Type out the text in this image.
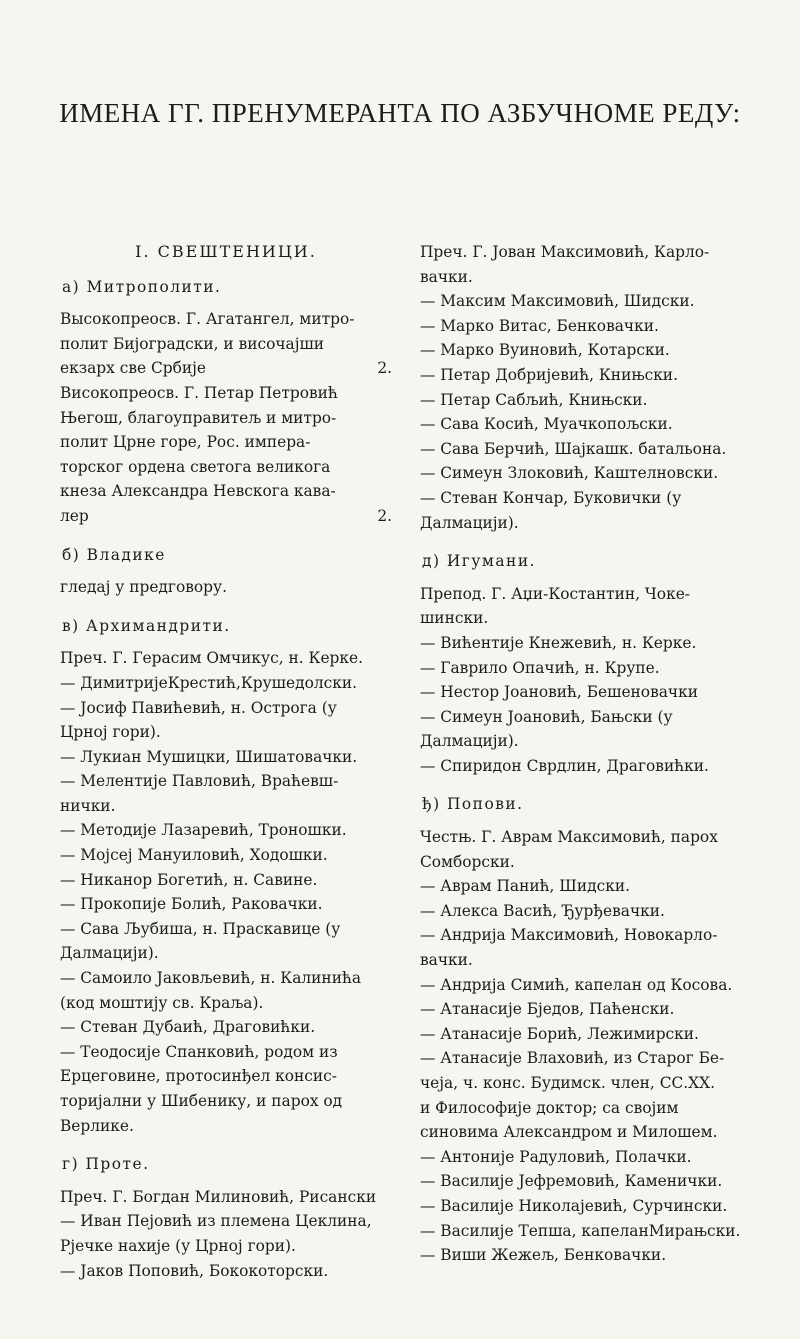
ИМЕНА ГГ. ПРЕНУМЕРАНТА ПО АЗБУЧНОМЕ РЕДУ:
I. СВЕШТЕНИЦИ.
а) Митрополити.
Высокопреосв. Г. Агатангел, митро-
полит Бијоградски, и височајши
екзарх све Србије	2.
Високопреосв. Г. Петар Петровић
Његош, благоуправитељ и митро-
полит Црне горе, Рос. импера-
торског ордена светога великога
кнеза Александра Невскога кава-
лер	2.
б) Владике
гледај у предговору.
в) Архимандрити.
Преч. Г. Герасим Омчикус, н. Керке.
— ДимитријеКрестић,Крушедолски.
— Јосиф Павићевић, н. Острога (у
Црној гори).
— Лукиан Мушицки, Шишатовачки.
— Мелентије Павловић, Враћевш-
нички.
— Методије Лазаревић, Троношки.
— Мојсеј Мануиловић, Ходошки.
— Никанор Богетић, н. Савине.
— Прокопије Болић, Раковачки.
— Сава Љубиша, н. Праскавице (у
Далмацији).
— Самоило Јаковљевић, н. Калинића
(код моштију св. Краља).
— Стеван Дубаић, Драговићки.
— Теодосије Спанковић, родом из
Ерцеговине, протосинђел консис-
торијални у Шибенику, и парох од
Верлике.
г) Проте.
Преч. Г. Богдан Милиновић, Рисански
— Иван Пејовић из племена Цеклина,
Рјечке нахије (у Црној гори).
— Јаков Поповић, Бококоторски.
Преч. Г. Јован Максимовић, Карло-
вачки.
— Максим Максимовић, Шидски.
— Марко Витас, Бенковачки.
— Марко Вуиновић, Котарски.
— Петар Добријевић, Книњски.
— Петар Сабљић, Книњски.
— Сава Косић, Муачкопољски.
— Сава Берчић, Шајкашк. батальона.
— Симеун Злоковић, Каштелновски.
— Стеван Кончар, Буковички (у
Далмацији).
д) Игумани.
Препод. Г. Аџи-Костантин, Чоке-
шински.
— Вићентије Кнежевић, н. Керке.
— Гаврило Опачић, н. Крупе.
— Нестор Јоановић, Бешеновачки
— Симеун Јоановић, Бањски (у
Далмацији).
— Спиридон Сврдлин, Драговићки.
ђ) Попови.
Честњ. Г. Аврам Максимовић, парох
Сомборски.
— Аврам Панић, Шидски.
— Алекса Васић, Ђурђевачки.
— Андрија Максимовић, Новокарло-
вачки.
— Андрија Симић, капелан од Косова.
— Атанасије Бједов, Паћенски.
— Атанасије Борић, Лежимирски.
— Атанасије Влаховић, из Старог Бе-
чеја, ч. конс. Будимск. член, СС.ХХ.
и Философије доктор; са својим
синовима Александром и Милошем.
— Антоније Радуловић, Полачки.
— Василије Јефремовић, Каменички.
— Василије Николајевић, Сурчински.
— Василије Тепша, капеланМирањски.
— Виши Жежељ, Бенковачки.
